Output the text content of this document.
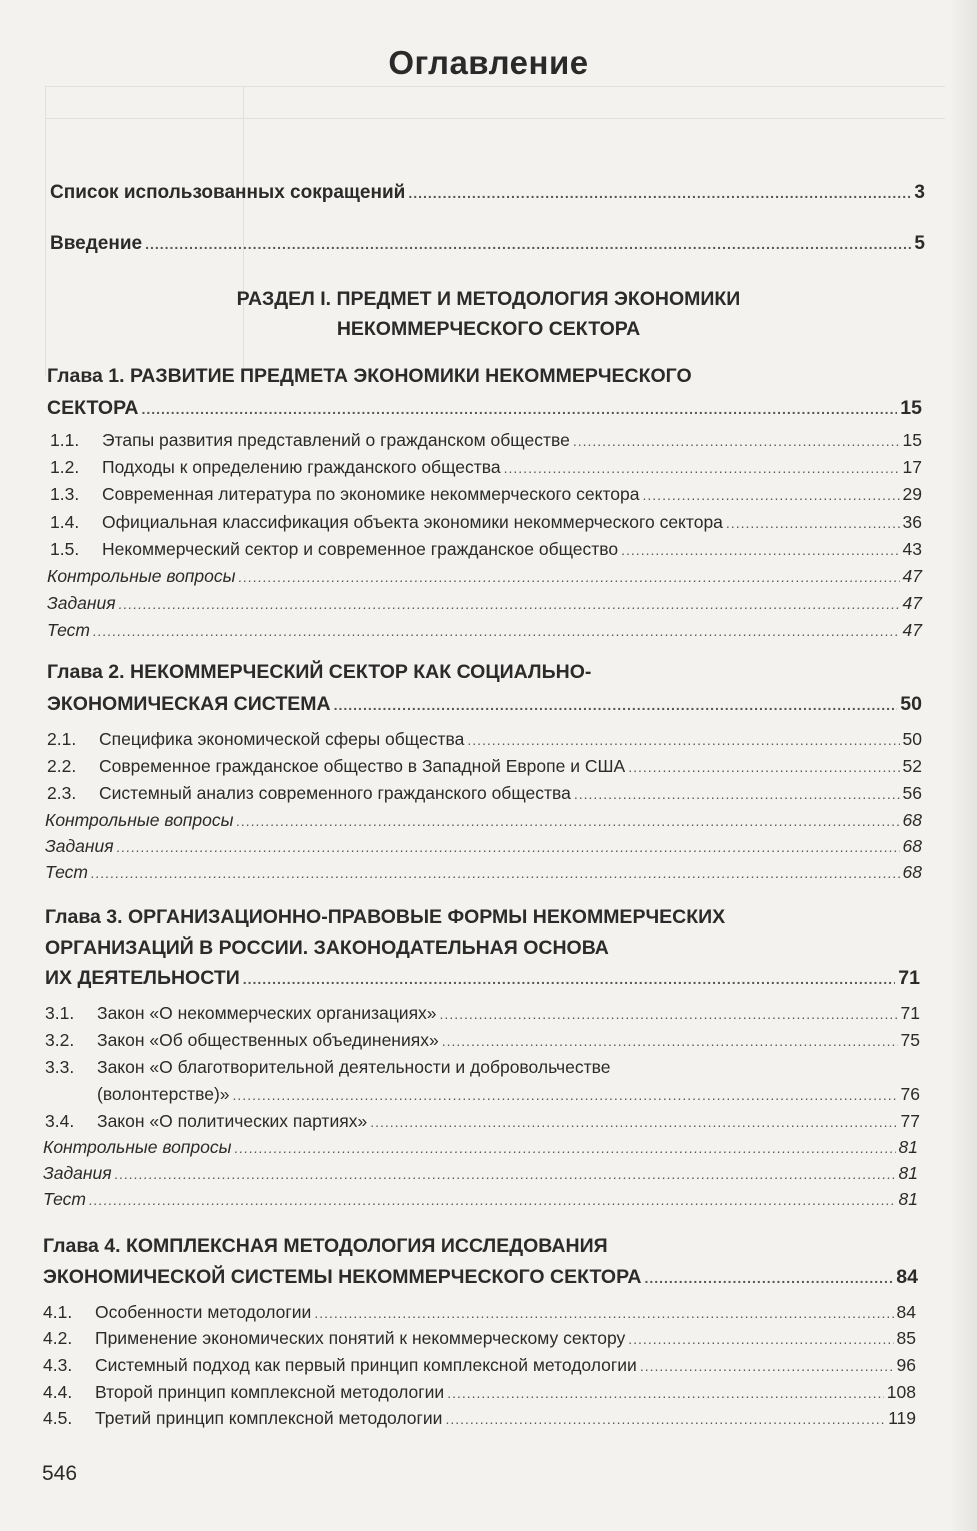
Оглавление
Список использованных сокращений .....	3
Введение .....	5
РАЗДЕЛ I. ПРЕДМЕТ И МЕТОДОЛОГИЯ ЭКОНОМИКИ
НЕКОММЕРЧЕСКОГО СЕКТОРА
Глава 1. РАЗВИТИЕ ПРЕДМЕТА ЭКОНОМИКИ НЕКОММЕРЧЕСКОГО
СЕКТОРА .....	15
1.1. Этапы развития представлений о гражданском обществе .....	15
1.2. Подходы к определению гражданского общества .....	17
1.3. Современная литература по экономике некоммерческого сектора .....	29
1.4. Официальная классификация объекта экономики некоммерческого сектора .....	36
1.5. Некоммерческий сектор и современное гражданское общество .....	43
Контрольные вопросы .....	47
Задания .....	47
Тест .....	47
Глава 2. НЕКОММЕРЧЕСКИЙ СЕКТОР КАК СОЦИАЛЬНО-
ЭКОНОМИЧЕСКАЯ СИСТЕМА .....	50
2.1. Специфика экономической сферы общества .....	50
2.2. Современное гражданское общество в Западной Европе и США .....	52
2.3. Системный анализ современного гражданского общества .....	56
Контрольные вопросы .....	68
Задания .....	68
Тест .....	68
Глава 3. ОРГАНИЗАЦИОННО-ПРАВОВЫЕ ФОРМЫ НЕКОММЕРЧЕСКИХ
ОРГАНИЗАЦИЙ В РОССИИ. ЗАКОНОДАТЕЛЬНАЯ ОСНОВА
ИХ ДЕЯТЕЛЬНОСТИ .....	71
3.1. Закон «О некоммерческих организациях» .....	71
3.2. Закон «Об общественных объединениях» .....	75
3.3. Закон «О благотворительной деятельности и добровольчестве
(волонтерстве)» .....	76
3.4. Закон «О политических партиях» .....	77
Контрольные вопросы .....	81
Задания .....	81
Тест .....	81
Глава 4. КОМПЛЕКСНАЯ МЕТОДОЛОГИЯ ИССЛЕДОВАНИЯ
ЭКОНОМИЧЕСКОЙ СИСТЕМЫ НЕКОММЕРЧЕСКОГО СЕКТОРА .....	84
4.1. Особенности методологии .....	84
4.2. Применение экономических понятий к некоммерческому сектору .....	85
4.3. Системный подход как первый принцип комплексной методологии .....	96
4.4. Второй принцип комплексной методологии .....	108
4.5. Третий принцип комплексной методологии .....	119
546
